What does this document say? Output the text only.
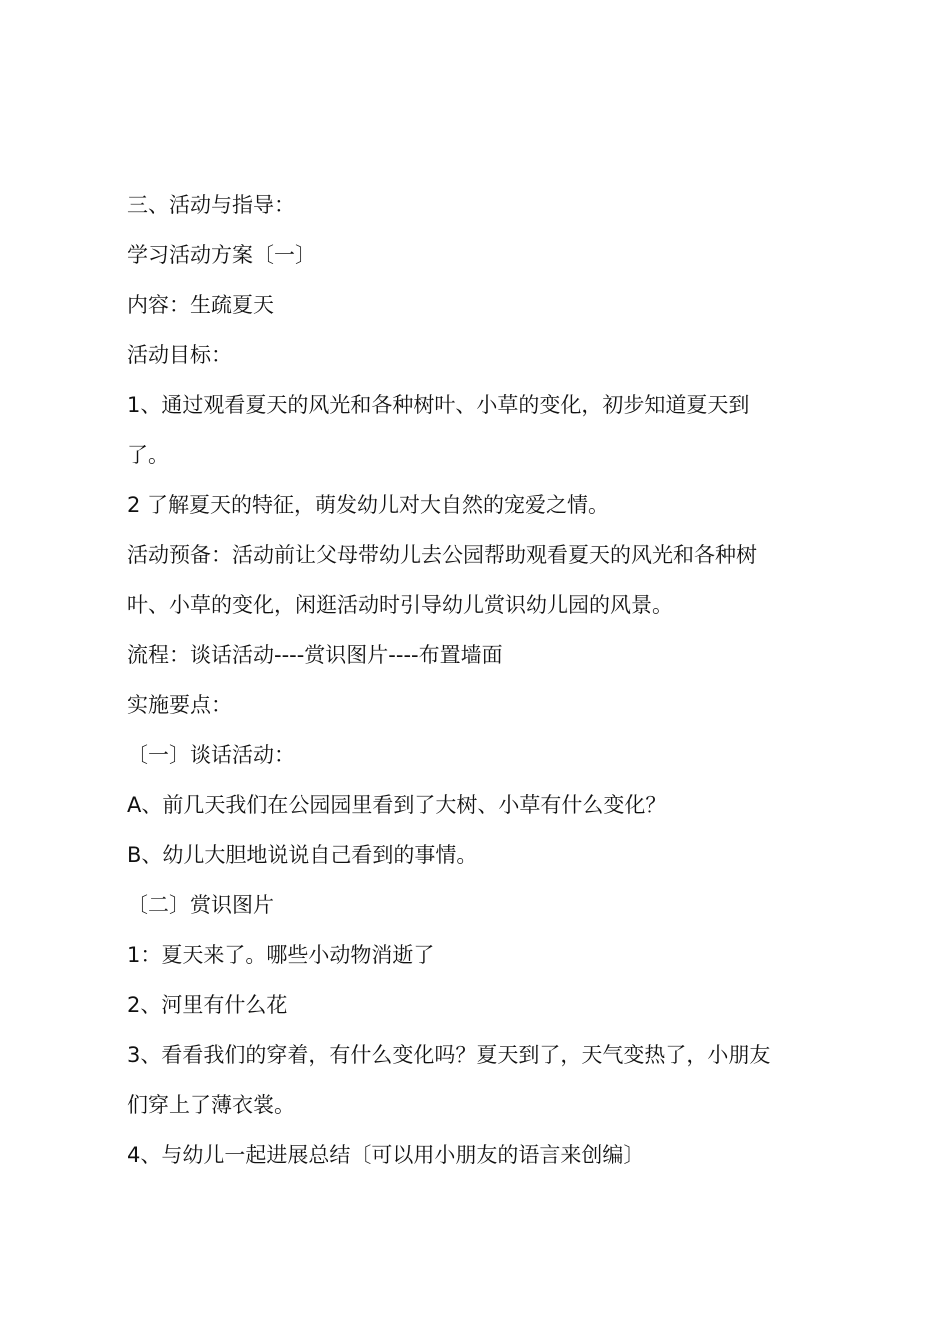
三、活动与指导：
学习活动方案〔一〕
内容：生疏夏天
活动目标：
1、通过观看夏天的风光和各种树叶、小草的变化，初步知道夏天到
了。
2 了解夏天的特征，萌发幼儿对大自然的宠爱之情。
活动预备：活动前让父母带幼儿去公园帮助观看夏天的风光和各种树
叶、小草的变化，闲逛活动时引导幼儿赏识幼儿园的风景。
流程：谈话活动----赏识图片----布置墙面
实施要点：
〔一〕谈话活动：
A、前几天我们在公园园里看到了大树、小草有什么变化？
B、幼儿大胆地说说自己看到的事情。
〔二〕赏识图片
1：夏天来了。哪些小动物消逝了
2、河里有什么花
3、看看我们的穿着，有什么变化吗？夏天到了，天气变热了，小朋友
们穿上了薄衣裳。
4、与幼儿一起进展总结〔可以用小朋友的语言来创编〕
